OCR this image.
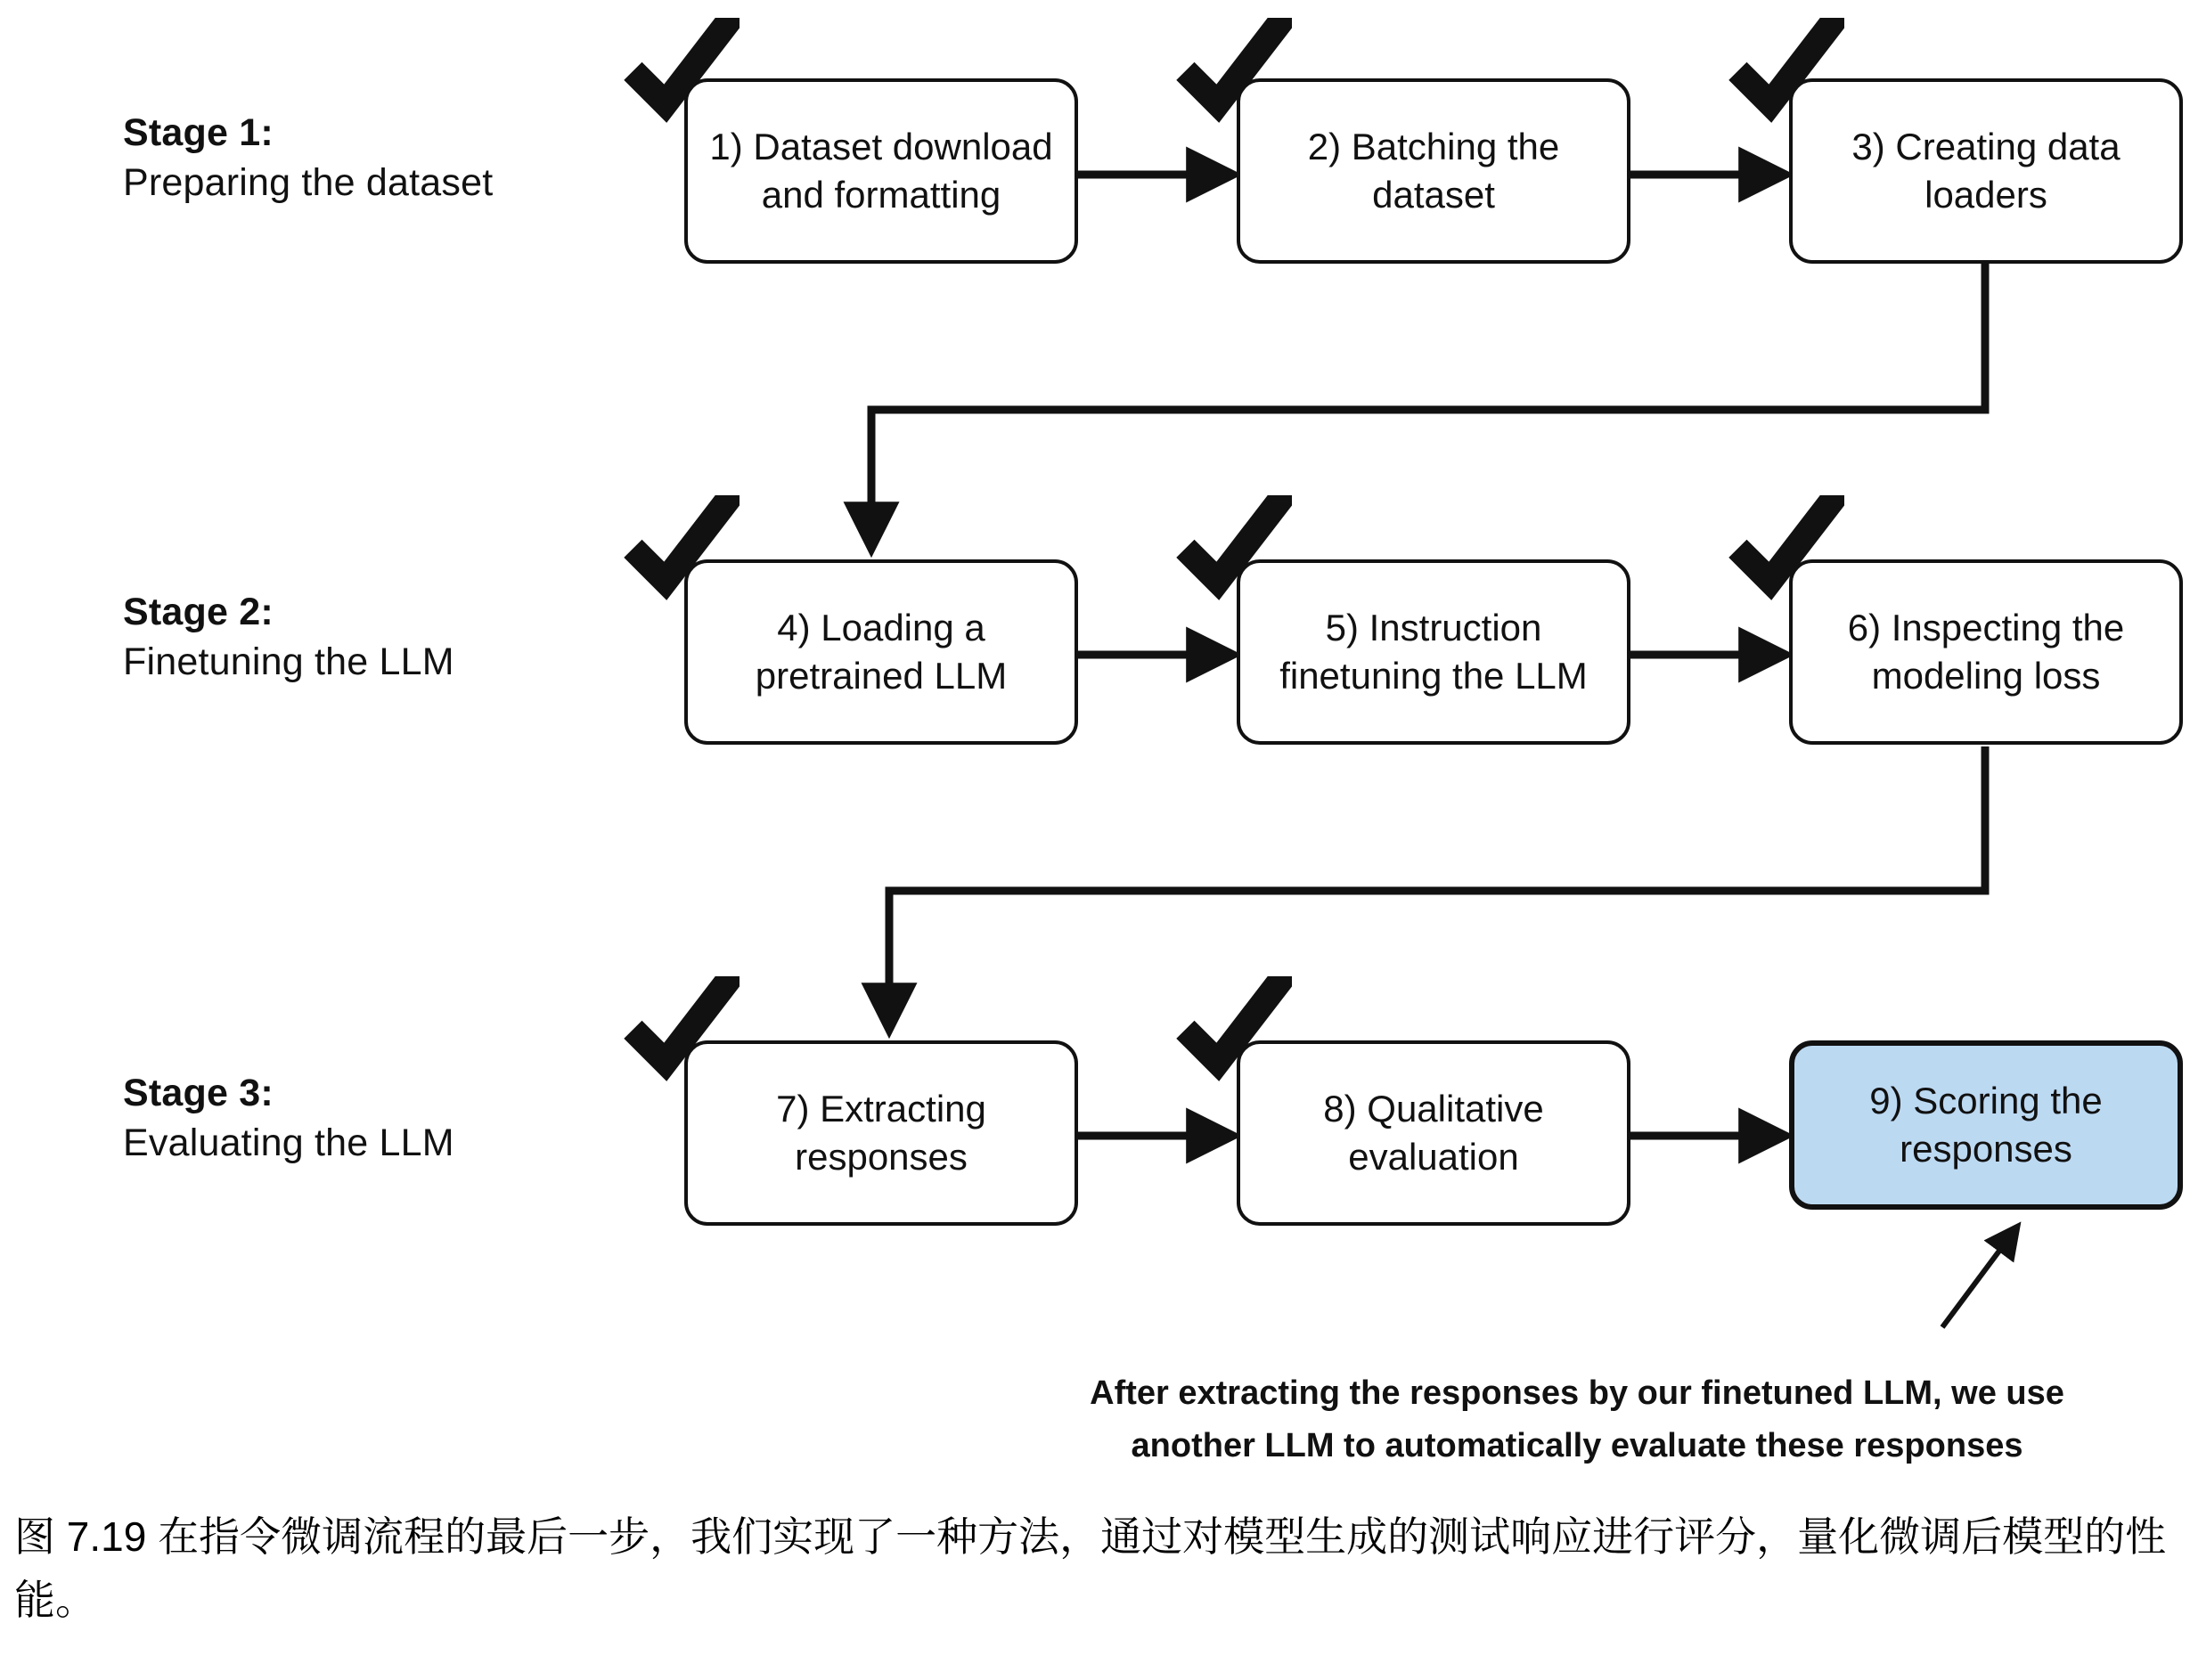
Stage 1:
Preparing the dataset
1) Dataset download and formatting
2) Batching the dataset
3) Creating data loaders
Stage 2:
Finetuning the LLM
4) Loading a pretrained LLM
5) Instruction finetuning the LLM
6) Inspecting the modeling loss
Stage 3:
Evaluating the LLM
7) Extracting responses
8) Qualitative evaluation
9) Scoring the responses
After extracting the responses by our finetuned LLM, we use another LLM to automatically evaluate these responses
图 7.19 在指令微调流程的最后一步，我们实现了一种方法，通过对模型生成的测试响应进行评分，量化微调后模型的性能。
